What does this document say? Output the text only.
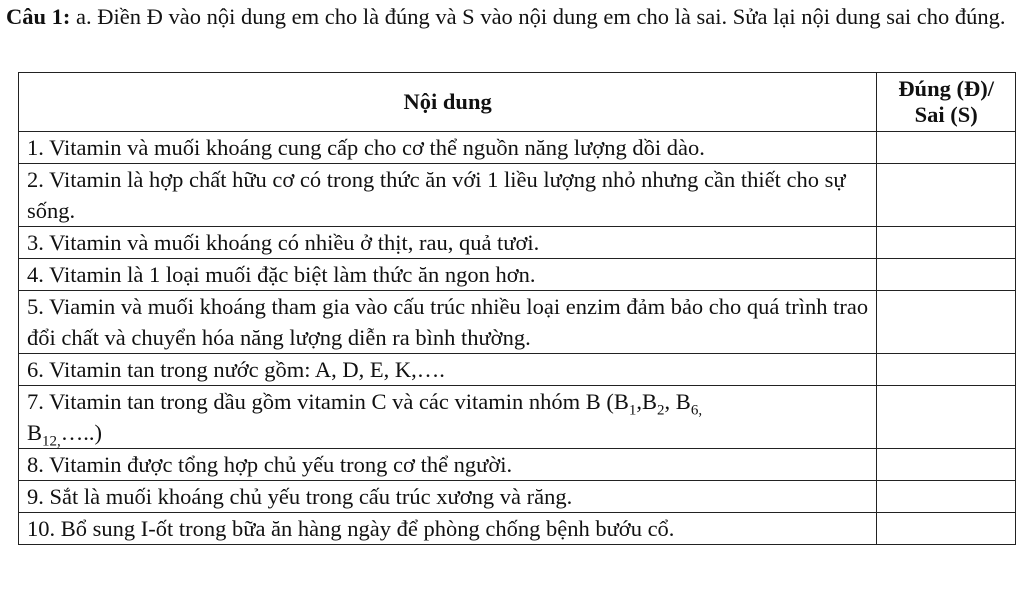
Câu 1: a. Điền Đ vào nội dung em cho là đúng và S vào nội dung em cho là sai. Sửa lại nội dung sai cho đúng.
Nội dung	Đúng (Đ)/
Sai (S)
1. Vitamin và muối khoáng cung cấp cho cơ thể nguồn năng lượng dồi dào.	
2. Vitamin là hợp chất hữu cơ có trong thức ăn với 1 liều lượng nhỏ nhưng cần thiết cho sự sống.	
3. Vitamin và muối khoáng có nhiều ở thịt, rau, quả tươi.	
4. Vitamin là 1 loại muối đặc biệt làm thức ăn ngon hơn.	
5. Viamin và muối khoáng tham gia vào cấu trúc nhiều loại enzim đảm bảo cho quá trình trao đổi chất và chuyển hóa năng lượng diễn ra bình thường.	
6. Vitamin tan trong nước gồm: A, D, E, K,….	
7. Vitamin tan trong dầu gồm vitamin C và các vitamin nhóm B ($B_1,B_2$, $B_{6,}$
$B_{12,}\dots$..)	
8. Vitamin được tổng hợp chủ yếu trong cơ thể người.	
9. Sắt là muối khoáng chủ yếu trong cấu trúc xương và răng.	
10. Bổ sung I-ốt trong bữa ăn hàng ngày để phòng chống bệnh bướu cổ.	
